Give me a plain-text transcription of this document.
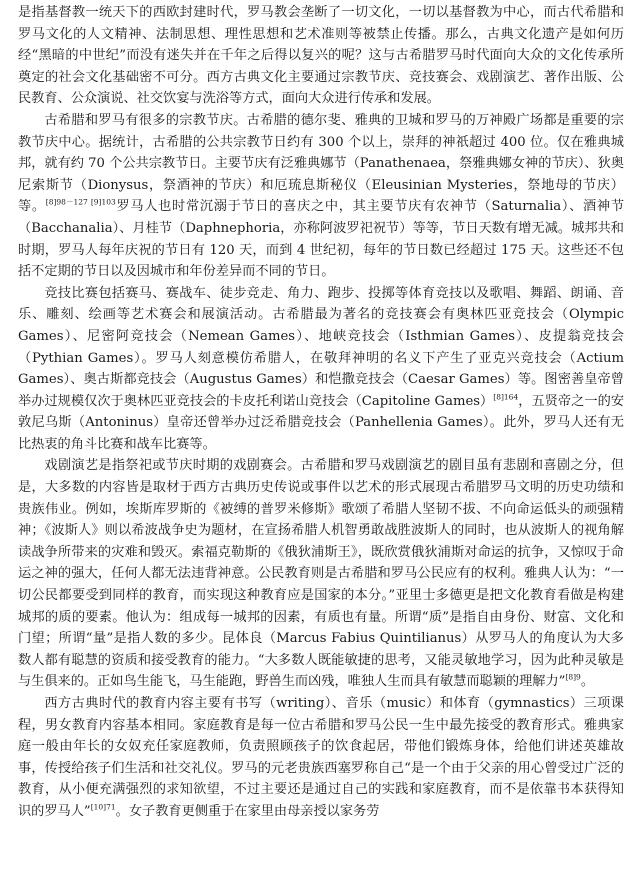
是指基督教一统天下的西欧封建时代，罗马教会垄断了一切文化，一切以基督教为中心，而古代希腊和罗马文化的人文精神、法制思想、理性思想和艺术准则等被禁止传播。那么，古典文化遗产是如何历经“黑暗的中世纪”而没有迷失并在千年之后得以复兴的呢？这与古希腊罗马时代面向大众的文化传承所奠定的社会文化基础密不可分。西方古典文化主要通过宗教节庆、竞技赛会、戏剧演艺、著作出版、公民教育、公众演说、社交饮宴与洗浴等方式，面向大众进行传承和发展。

古希腊和罗马有很多的宗教节庆。古希腊的德尔斐、雅典的卫城和罗马的万神殿广场都是重要的宗教节庆中心。据统计，古希腊的公共宗教节日约有 300 个以上，崇拜的神祇超过 400 位。仅在雅典城邦，就有约 70 个公共宗教节日。主要节庆有泛雅典娜节（Panathenaea，祭雅典娜女神的节庆）、狄奥尼索斯节（Dionysus，祭酒神的节庆）和厄琉息斯秘仪（Eleusinian Mysteries，祭地母的节庆）等。$^{[8]98-127 [9]103}$罗马人也时常沉溺于节日的喜庆之中，其主要节庆有农神节（Saturnalia）、酒神节（Bacchanalia）、月桂节（Daphnephoria，亦称阿波罗祀祝节）等等，节日天数有增无减。城邦共和时期，罗马人每年庆祝的节日有 120 天，而到 4 世纪初，每年的节日数已经超过 175 天。这些还不包括不定期的节日以及因城市和年份差异而不同的节日。

竞技比赛包括赛马、赛战车、徒步竞走、角力、跑步、投掷等体育竞技以及歌唱、舞蹈、朗诵、音乐、雕刻、绘画等艺术赛会和展演活动。古希腊最为著名的竞技赛会有奥林匹亚竞技会（Olympic Games）、尼密阿竞技会（Nemean Games）、地峡竞技会（Isthmian Games）、皮提翁竞技会（Pythian Games）。罗马人刻意模仿希腊人，在敬拜神明的名义下产生了亚克兴竞技会（Actium Games）、奥古斯都竞技会（Augustus Games）和恺撒竞技会（Caesar Games）等。图密善皇帝曾举办过规模仅次于奥林匹亚竞技会的卡皮托利诺山竞技会（Capitoline Games）$^{[8]164}$，五贤帝之一的安敦尼乌斯（Antoninus）皇帝还曾举办过泛希腊竞技会（Panhellenia Games）。此外，罗马人还有无比热衷的角斗比赛和战车比赛等。

戏剧演艺是指祭祀或节庆时期的戏剧赛会。古希腊和罗马戏剧演艺的剧目虽有悲剧和喜剧之分，但是，大多数的内容皆是取材于西方古典历史传说或事件以艺术的形式展现古希腊罗马文明的历史功绩和贵族伟业。例如，埃斯库罗斯的《被缚的普罗米修斯》歌颂了希腊人坚韧不拔、不向命运低头的顽强精神；《波斯人》则以希波战争史为题材，在宣扬希腊人机智勇敢战胜波斯人的同时，也从波斯人的视角解读战争所带来的灾难和毁灭。索福克勒斯的《俄狄浦斯王》，既欣赏俄狄浦斯对命运的抗争，又惊叹于命运之神的强大，任何人都无法违背神意。公民教育则是古希腊和罗马公民应有的权利。雅典人认为：“一切公民都要受到同样的教育，而实现这种教育应是国家的本分。”亚里士多德更是把文化教育看做是构建城邦的质的要素。他认为：组成每一城邦的因素，有质也有量。所谓“质”是指自由身份、财富、文化和门望；所谓“量”是指人数的多少。昆体良（Marcus Fabius Quintilianus）从罗马人的角度认为大多数人都有聪慧的资质和接受教育的能力。“大多数人既能敏捷的思考，又能灵敏地学习，因为此种灵敏是与生俱来的。正如鸟生能飞，马生能跑，野兽生而凶残，唯独人生而具有敏慧而聪颖的理解力”$^{[8]9}$。

西方古典时代的教育内容主要有书写（writing）、音乐（music）和体育（gymnastics）三项课程，男女教育内容基本相同。家庭教育是每一位古希腊和罗马公民一生中最先接受的教育形式。雅典家庭一般由年长的女奴充任家庭教师，负责照顾孩子的饮食起居，带他们锻炼身体，给他们讲述英雄故事，传授给孩子们生活和社交礼仪。罗马的元老贵族西塞罗称自己“是一个由于父亲的用心曾受过广泛的教育，从小便充满强烈的求知欲望，不过主要还是通过自己的实践和家庭教育，而不是依靠书本获得知识的罗马人”$^{[10]71}$。女子教育更侧重于在家里由母亲授以家务劳
